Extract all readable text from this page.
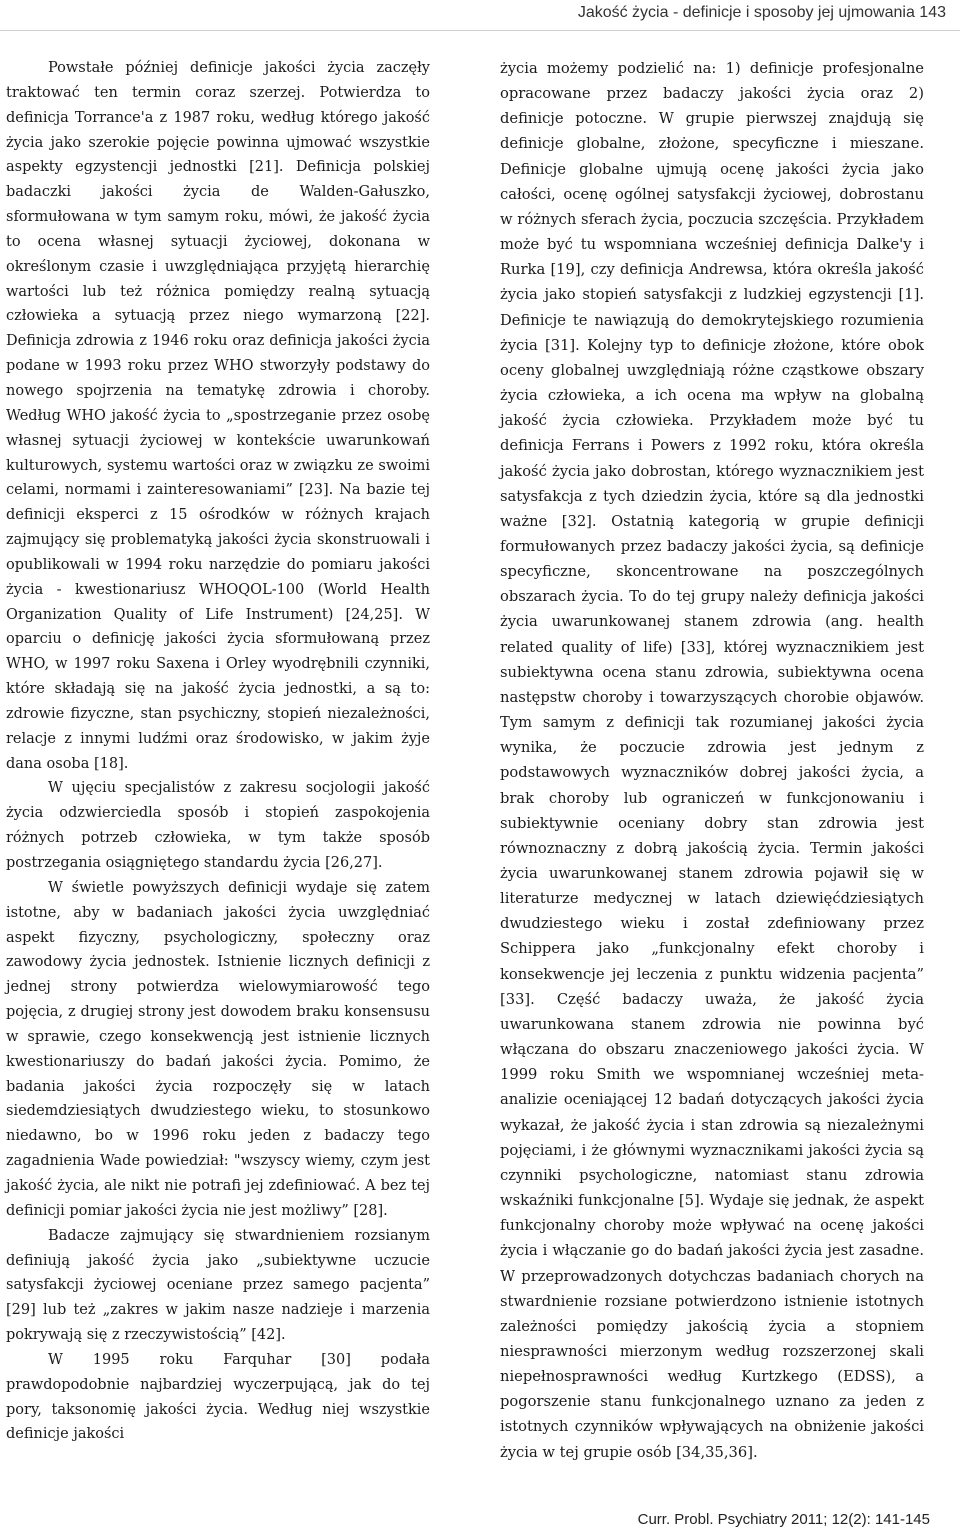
Jakość życia - definicje i sposoby jej ujmowania 143

Powstałe później definicje jakości życia zaczęły traktować ten termin coraz szerzej. Potwierdza to definicja Torrance'a z 1987 roku, według którego jakość życia jako szerokie pojęcie powinna ujmować wszystkie aspekty egzystencji jednostki [21]. Definicja polskiej badaczki jakości życia de Walden-Gałuszko, sformułowana w tym samym roku, mówi, że jakość życia to ocena własnej sytuacji życiowej, dokonana w określonym czasie i uwzględniająca przyjętą hierarchię wartości lub też różnica pomiędzy realną sytuacją człowieka a sytuacją przez niego wymarzoną [22]. Definicja zdrowia z 1946 roku oraz definicja jakości życia podane w 1993 roku przez WHO stworzyły podstawy do nowego spojrzenia na tematykę zdrowia i choroby. Według WHO jakość życia to „spostrzeganie przez osobę własnej sytuacji życiowej w kontekście uwarunkowań kulturowych, systemu wartości oraz w związku ze swoimi celami, normami i zainteresowaniami” [23]. Na bazie tej definicji eksperci z 15 ośrodków w różnych krajach zajmujący się problematyką jakości życia skonstruowali i opublikowali w 1994 roku narzędzie do pomiaru jakości życia - kwestionariusz WHOQOL-100 (World Health Organization Quality of Life Instrument) [24,25]. W oparciu o definicję jakości życia sformułowaną przez WHO, w 1997 roku Saxena i Orley wyodrębnili czynniki, które składają się na jakość życia jednostki, a są to: zdrowie fizyczne, stan psychiczny, stopień niezależności, relacje z innymi ludźmi oraz środowisko, w jakim żyje dana osoba [18].

W ujęciu specjalistów z zakresu socjologii jakość życia odzwierciedla sposób i stopień zaspokojenia różnych potrzeb człowieka, w tym także sposób postrzegania osiągniętego standardu życia [26,27].

W świetle powyższych definicji wydaje się zatem istotne, aby w badaniach jakości życia uwzględniać aspekt fizyczny, psychologiczny, społeczny oraz zawodowy życia jednostek. Istnienie licznych definicji z jednej strony potwierdza wielowymiarowość tego pojęcia, z drugiej strony jest dowodem braku konsensusu w sprawie, czego konsekwencją jest istnienie licznych kwestionariuszy do badań jakości życia. Pomimo, że badania jakości życia rozpoczęły się w latach siedemdziesiątych dwudziestego wieku, to stosunkowo niedawno, bo w 1996 roku jeden z badaczy tego zagadnienia Wade powiedział: "wszyscy wiemy, czym jest jakość życia, ale nikt nie potrafi jej zdefiniować. A bez tej definicji pomiar jakości życia nie jest możliwy” [28].

Badacze zajmujący się stwardnieniem rozsianym definiują jakość życia jako „subiektywne uczucie satysfakcji życiowej oceniane przez samego pacjenta” [29] lub też „zakres w jakim nasze nadzieje i marzenia pokrywają się z rzeczywistością” [42].

W 1995 roku Farquhar [30] podała prawdopodobnie najbardziej wyczerpującą, jak do tej pory, taksonomię jakości życia. Według niej wszystkie definicje jakości

życia możemy podzielić na: 1) definicje profesjonalne opracowane przez badaczy jakości życia oraz 2) definicje potoczne. W grupie pierwszej znajdują się definicje globalne, złożone, specyficzne i mieszane. Definicje globalne ujmują ocenę jakości życia jako całości, ocenę ogólnej satysfakcji życiowej, dobrostanu w różnych sferach życia, poczucia szczęścia. Przykładem może być tu wspomniana wcześniej definicja Dalke'y i Rurka [19], czy definicja Andrewsa, która określa jakość życia jako stopień satysfakcji z ludzkiej egzystencji [1]. Definicje te nawiązują do demokrytejskiego rozumienia życia [31]. Kolejny typ to definicje złożone, które obok oceny globalnej uwzględniają różne cząstkowe obszary życia człowieka, a ich ocena ma wpływ na globalną jakość życia człowieka. Przykładem może być tu definicja Ferrans i Powers z 1992 roku, która określa jakość życia jako dobrostan, którego wyznacznikiem jest satysfakcja z tych dziedzin życia, które są dla jednostki ważne [32]. Ostatnią kategorią w grupie definicji formułowanych przez badaczy jakości życia, są definicje specyficzne, skoncentrowane na poszczególnych obszarach życia. To do tej grupy należy definicja jakości życia uwarunkowanej stanem zdrowia (ang. health related quality of life) [33], której wyznacznikiem jest subiektywna ocena stanu zdrowia, subiektywna ocena następstw choroby i towarzyszących chorobie objawów. Tym samym z definicji tak rozumianej jakości życia wynika, że poczucie zdrowia jest jednym z podstawowych wyznaczników dobrej jakości życia, a brak choroby lub ograniczeń w funkcjonowaniu i subiektywnie oceniany dobry stan zdrowia jest równoznaczny z dobrą jakością życia. Termin jakości życia uwarunkowanej stanem zdrowia pojawił się w literaturze medycznej w latach dziewięćdziesiątych dwudziestego wieku i został zdefiniowany przez Schippera jako „funkcjonalny efekt choroby i konsekwencje jej leczenia z punktu widzenia pacjenta” [33]. Część badaczy uważa, że jakość życia uwarunkowana stanem zdrowia nie powinna być włączana do obszaru znaczeniowego jakości życia. W 1999 roku Smith we wspomnianej wcześniej meta-analizie oceniającej 12 badań dotyczących jakości życia wykazał, że jakość życia i stan zdrowia są niezależnymi pojęciami, i że głównymi wyznacznikami jakości życia są czynniki psychologiczne, natomiast stanu zdrowia wskaźniki funkcjonalne [5]. Wydaje się jednak, że aspekt funkcjonalny choroby może wpływać na ocenę jakości życia i włączanie go do badań jakości życia jest zasadne. W przeprowadzonych dotychczas badaniach chorych na stwardnienie rozsiane potwierdzono istnienie istotnych zależności pomiędzy jakością życia a stopniem niesprawności mierzonym według rozszerzonej skali niepełnosprawności według Kurtzkego (EDSS), a pogorszenie stanu funkcjonalnego uznano za jeden z istotnych czynników wpływających na obniżenie jakości życia w tej grupie osób [34,35,36].

Curr. Probl. Psychiatry 2011; 12(2): 141-145
